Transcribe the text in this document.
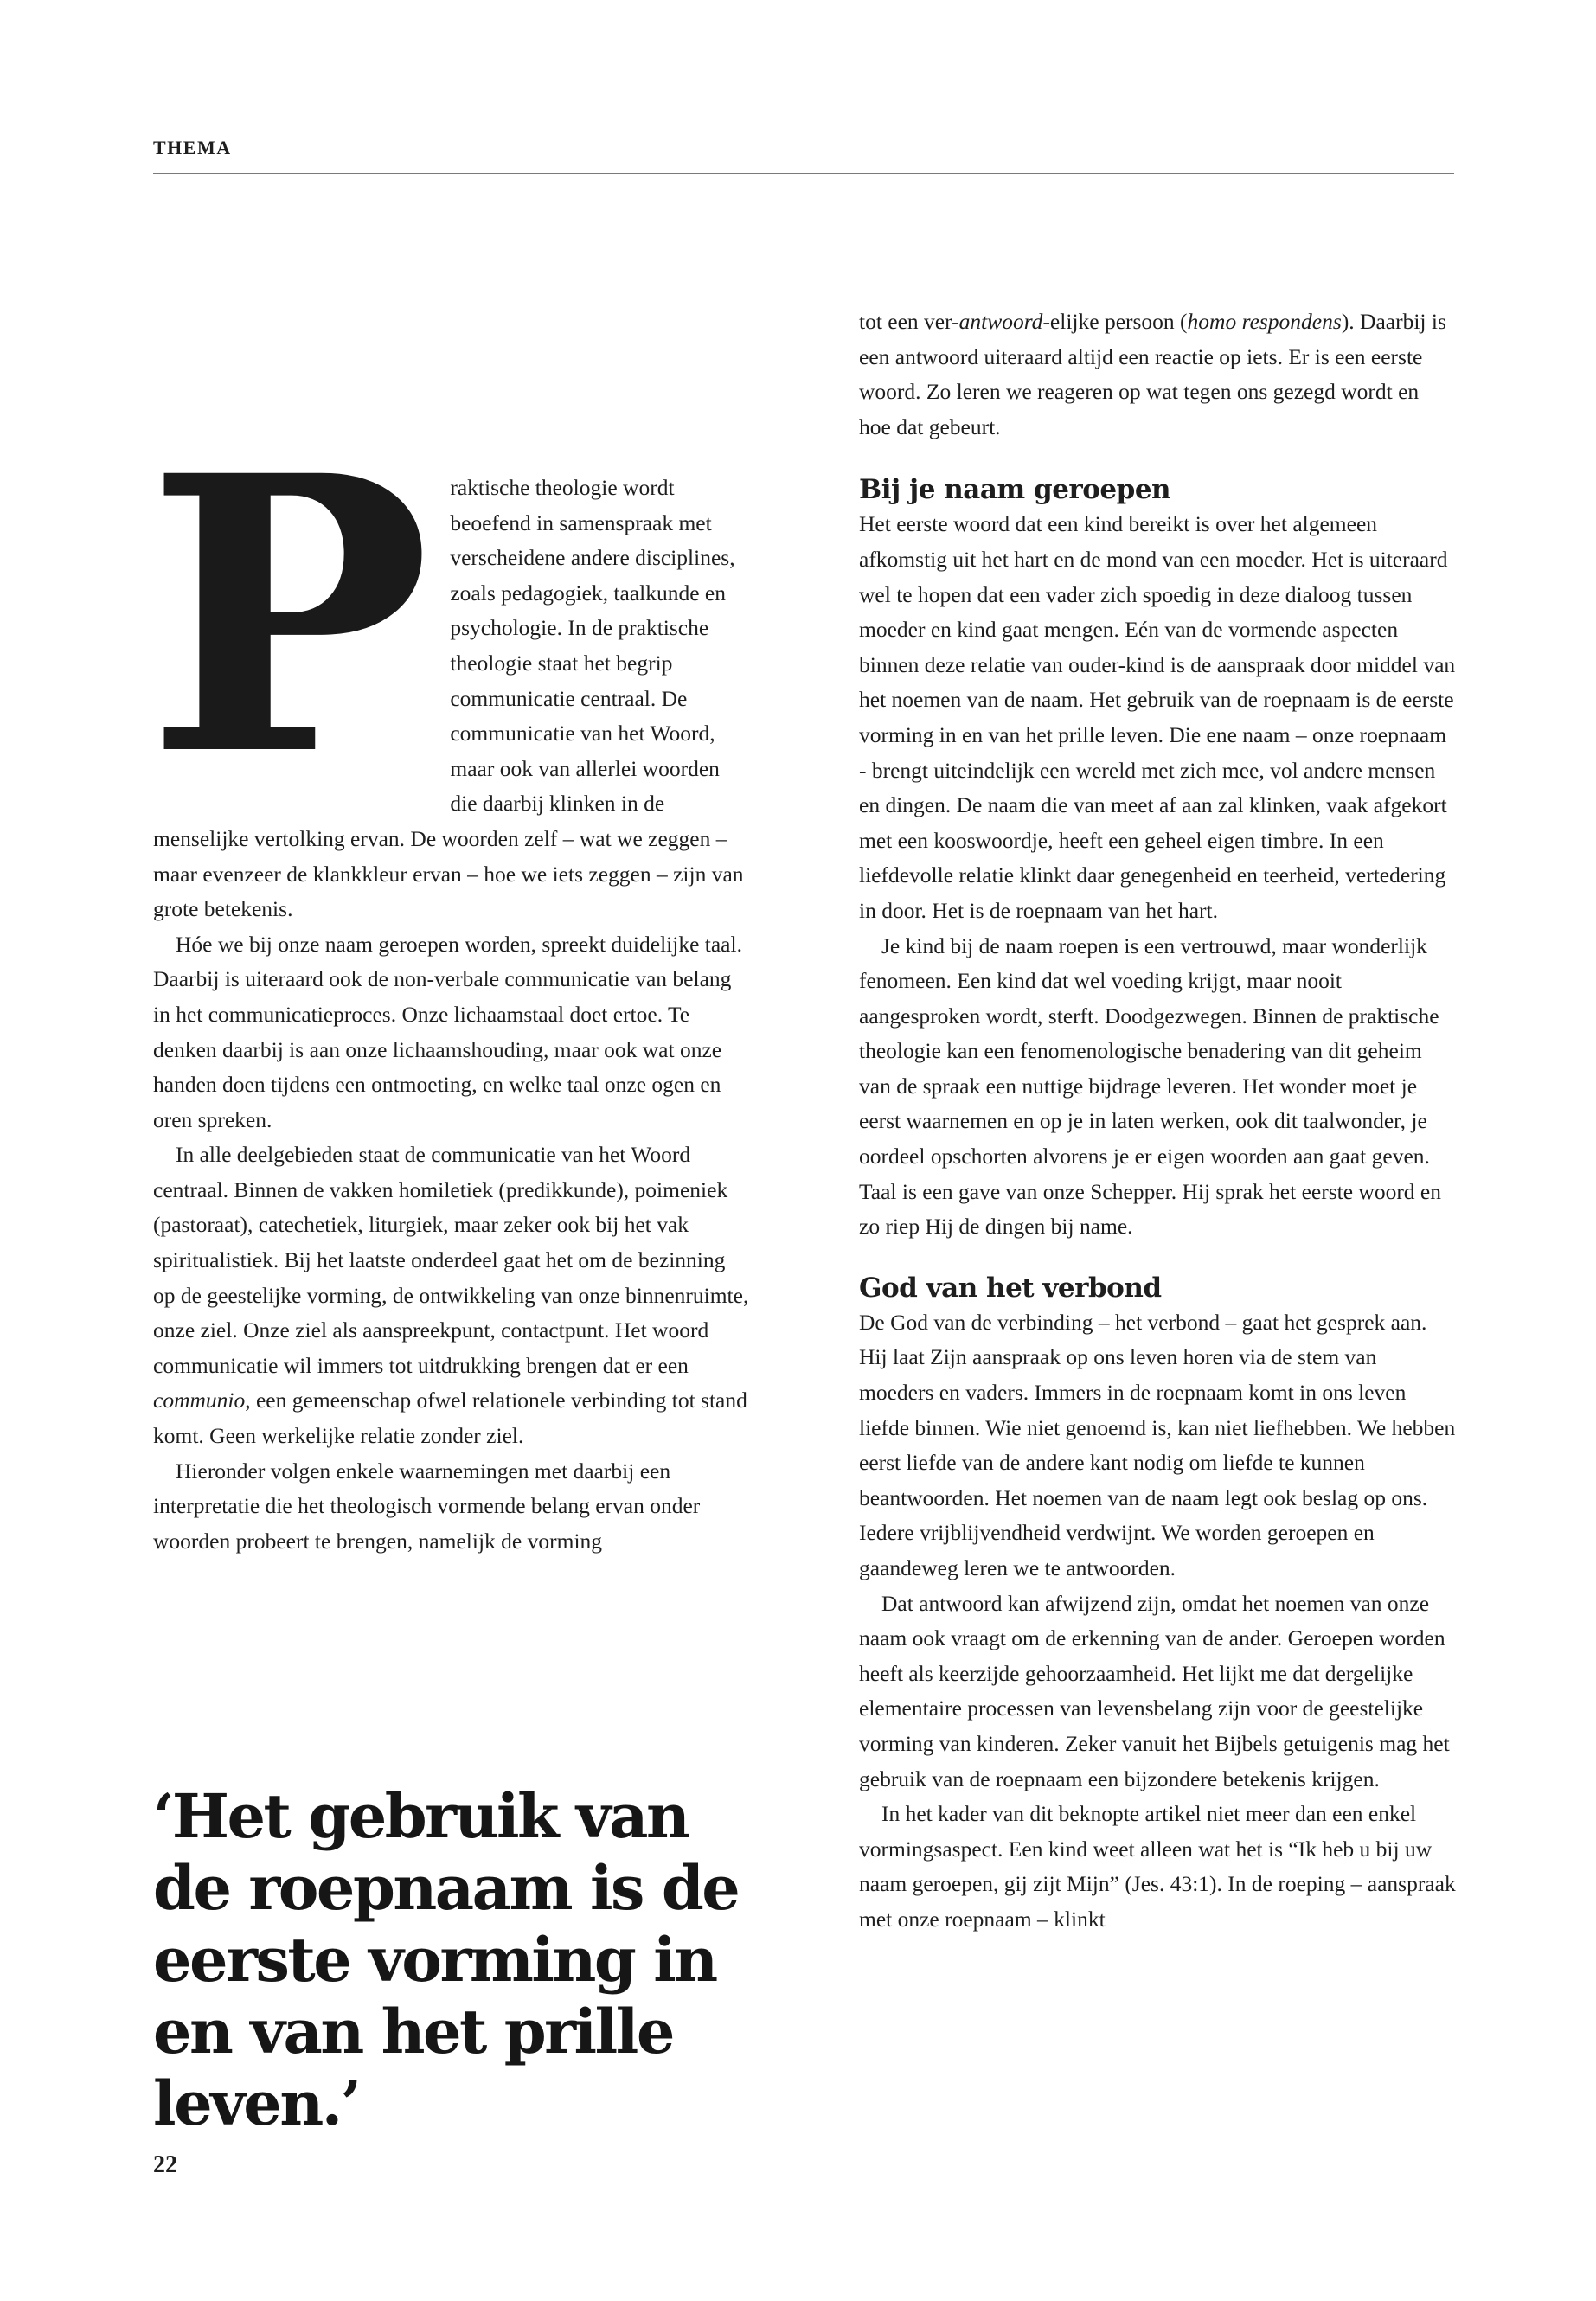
THEMA
P raktische theologie wordt beoefend in samenspraak met verscheidene andere disciplines, zoals pedagogiek, taalkunde en psychologie. In de praktische theologie staat het begrip communicatie centraal. De communicatie van het Woord, maar ook van allerlei woorden die daarbij klinken in de menselijke vertolking ervan. De woorden zelf – wat we zeggen – maar evenzeer de klankkleur ervan – hoe we iets zeggen – zijn van grote betekenis.

Hóe we bij onze naam geroepen worden, spreekt duidelijke taal. Daarbij is uiteraard ook de non-verbale communicatie van belang in het communicatieproces. Onze lichaamstaal doet ertoe. Te denken daarbij is aan onze lichaamshouding, maar ook wat onze handen doen tijdens een ontmoeting, en welke taal onze ogen en oren spreken.

In alle deelgebieden staat de communicatie van het Woord centraal. Binnen de vakken homiletiek (predikkunde), poimeniek (pastoraat), catechetiek, liturgiek, maar zeker ook bij het vak spiritualistiek. Bij het laatste onderdeel gaat het om de bezinning op de geestelijke vorming, de ontwikkeling van onze binnenruimte, onze ziel. Onze ziel als aanspreekpunt, contactpunt. Het woord communicatie wil immers tot uitdrukking brengen dat er een communio, een gemeenschap ofwel relationele verbinding tot stand komt. Geen werkelijke relatie zonder ziel.

Hieronder volgen enkele waarnemingen met daarbij een interpretatie die het theologisch vormende belang ervan onder woorden probeert te brengen, namelijk de vorming

tot een ver-antwoord-elijke persoon (homo respondens). Daarbij is een antwoord uiteraard altijd een reactie op iets. Er is een eerste woord. Zo leren we reageren op wat tegen ons gezegd wordt en hoe dat gebeurt.

Bij je naam geroepen

Het eerste woord dat een kind bereikt is over het algemeen afkomstig uit het hart en de mond van een moeder. Het is uiteraard wel te hopen dat een vader zich spoedig in deze dialoog tussen moeder en kind gaat mengen. Eén van de vormende aspecten binnen deze relatie van ouder-kind is de aanspraak door middel van het noemen van de naam. Het gebruik van de roepnaam is de eerste vorming in en van het prille leven. Die ene naam – onze roepnaam - brengt uiteindelijk een wereld met zich mee, vol andere mensen en dingen. De naam die van meet af aan zal klinken, vaak afgekort met een kooswoordje, heeft een geheel eigen timbre. In een liefdevolle relatie klinkt daar genegenheid en teerheid, vertedering in door. Het is de roepnaam van het hart.

Je kind bij de naam roepen is een vertrouwd, maar wonderlijk fenomeen. Een kind dat wel voeding krijgt, maar nooit aangesproken wordt, sterft. Doodgezwegen. Binnen de praktische theologie kan een fenomenologische benadering van dit geheim van de spraak een nuttige bijdrage leveren. Het wonder moet je eerst waarnemen en op je in laten werken, ook dit taalwonder, je oordeel opschorten alvorens je er eigen woorden aan gaat geven. Taal is een gave van onze Schepper. Hij sprak het eerste woord en zo riep Hij de dingen bij name.

God van het verbond

De God van de verbinding – het verbond – gaat het gesprek aan. Hij laat Zijn aanspraak op ons leven horen via de stem van moeders en vaders. Immers in de roepnaam komt in ons leven liefde binnen. Wie niet genoemd is, kan niet liefhebben. We hebben eerst liefde van de andere kant nodig om liefde te kunnen beantwoorden. Het noemen van de naam legt ook beslag op ons. Iedere vrijblijvendheid verdwijnt. We worden geroepen en gaandeweg leren we te antwoorden.

Dat antwoord kan afwijzend zijn, omdat het noemen van onze naam ook vraagt om de erkenning van de ander. Geroepen worden heeft als keerzijde gehoorzaamheid. Het lijkt me dat dergelijke elementaire processen van levensbelang zijn voor de geestelijke vorming van kinderen. Zeker vanuit het Bijbels getuigenis mag het gebruik van de roepnaam een bijzondere betekenis krijgen.

In het kader van dit beknopte artikel niet meer dan een enkel vormingsaspect. Een kind weet alleen wat het is “Ik heb u bij uw naam geroepen, gij zijt Mijn” (Jes. 43:1). In de roeping – aanspraak met onze roepnaam – klinkt

‘Het gebruik van
de roepnaam is de
eerste vorming in
en van het prille
leven.’
22
